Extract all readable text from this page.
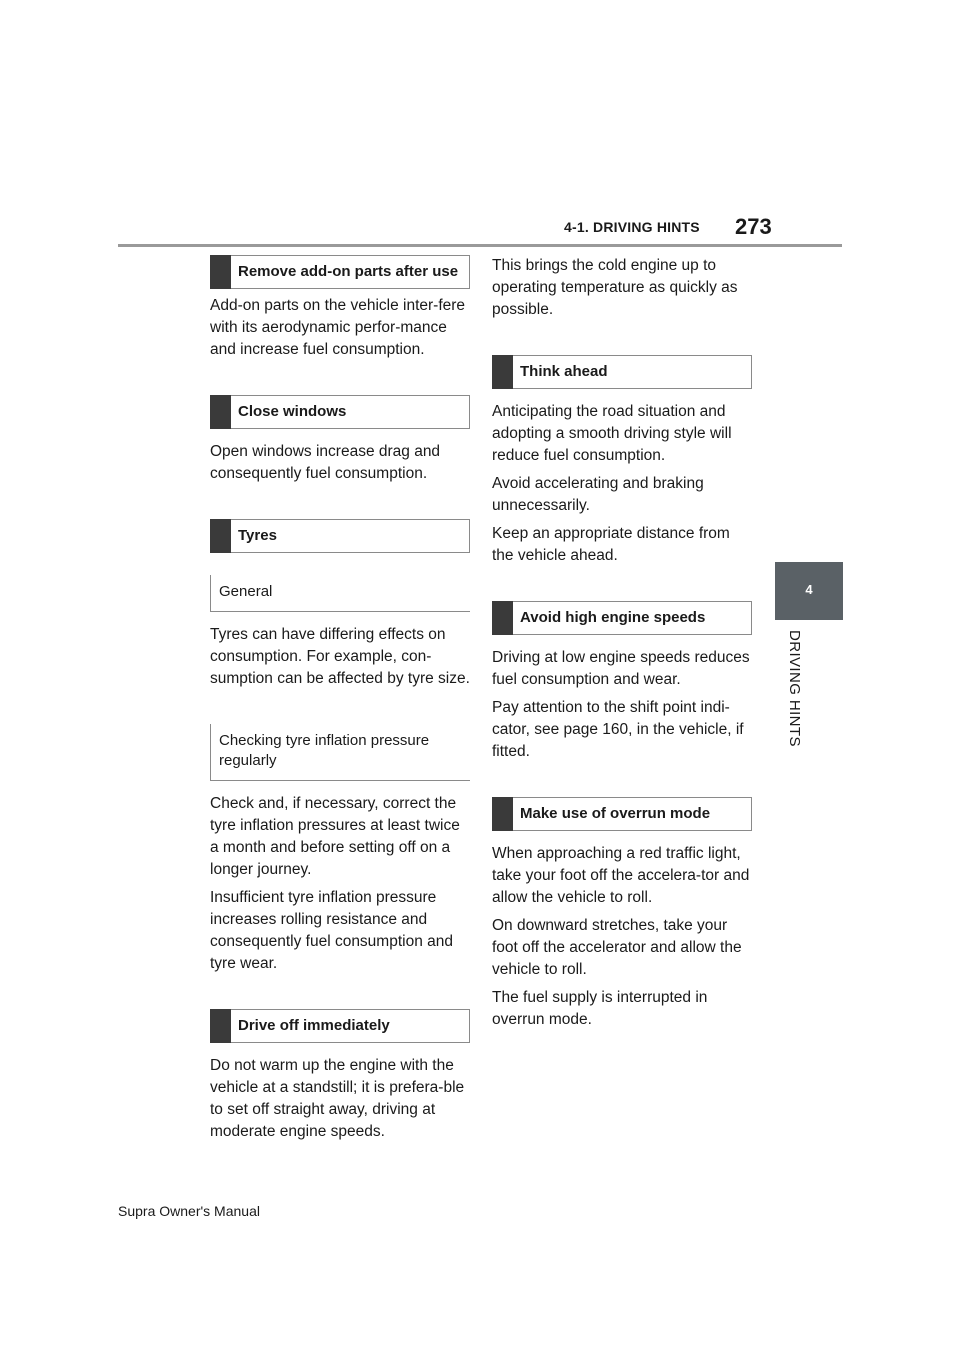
4-1. DRIVING HINTS 273
4
DRIVING HINTS
Remove add-on parts after use

Add-on parts on the vehicle inter-fere with its aerodynamic perfor-mance and increase fuel consumption.

Close windows

Open windows increase drag and consequently fuel consumption.

Tyres
General

Tyres can have differing effects on consumption. For example, con-sumption can be affected by tyre size.

Checking tyre inflation pressure regularly

Check and, if necessary, correct the tyre inflation pressures at least twice a month and before setting off on a longer journey.

Insufficient tyre inflation pressure increases rolling resistance and consequently fuel consumption and tyre wear.

Drive off immediately

Do not warm up the engine with the vehicle at a standstill; it is prefera-ble to set off straight away, driving at moderate engine speeds.

This brings the cold engine up to operating temperature as quickly as possible.

Think ahead

Anticipating the road situation and adopting a smooth driving style will reduce fuel consumption.

Avoid accelerating and braking unnecessarily.

Keep an appropriate distance from the vehicle ahead.

Avoid high engine speeds

Driving at low engine speeds reduces fuel consumption and wear.

Pay attention to the shift point indi-cator, see page 160, in the vehicle, if fitted.

Make use of overrun mode

When approaching a red traffic light, take your foot off the accelera-tor and allow the vehicle to roll.

On downward stretches, take your foot off the accelerator and allow the vehicle to roll.

The fuel supply is interrupted in overrun mode.

Supra Owner's Manual
